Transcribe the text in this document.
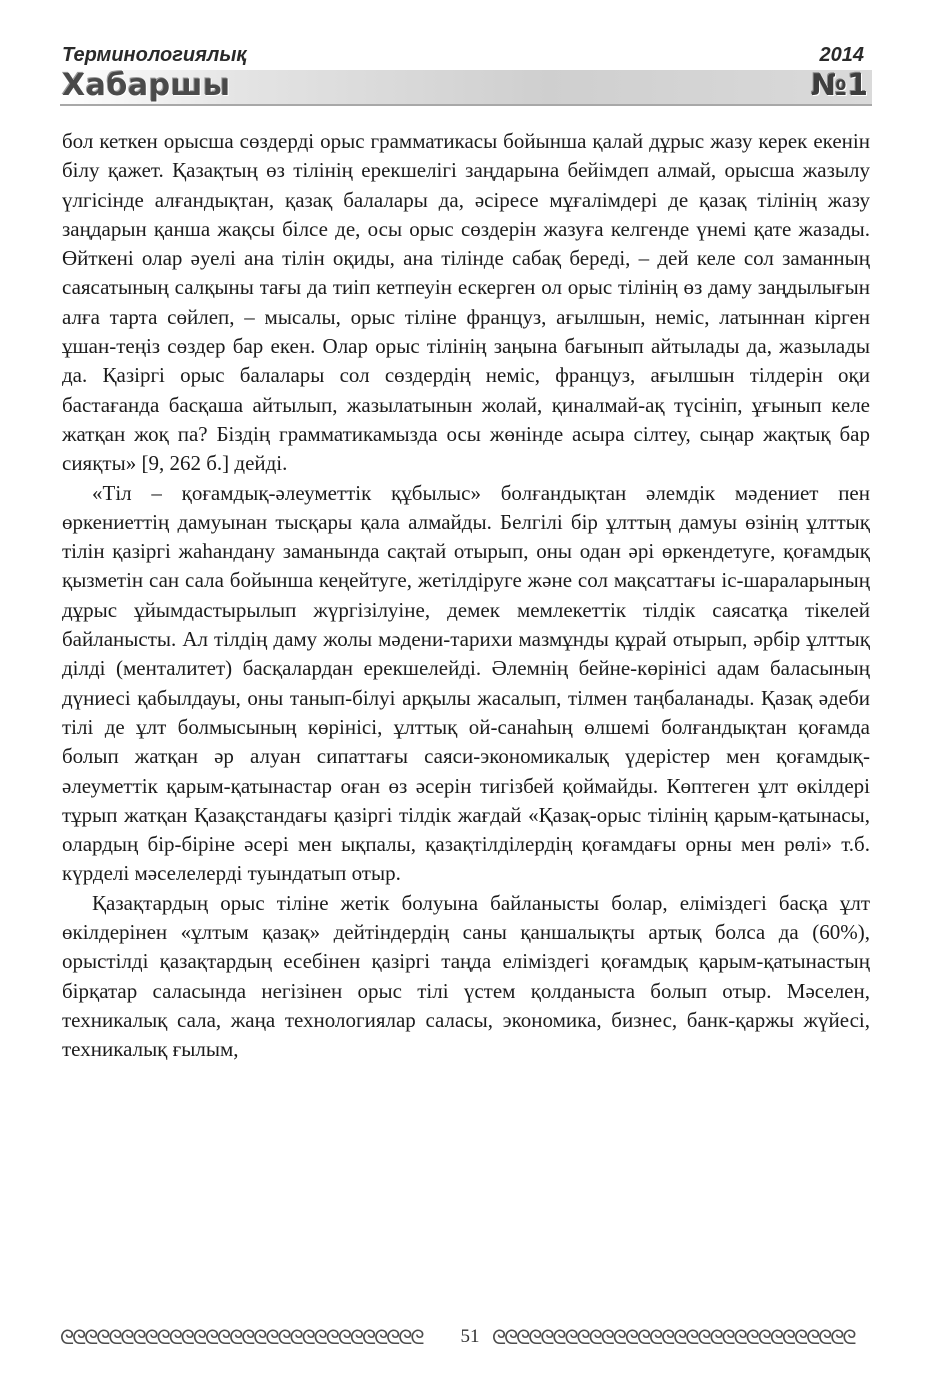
Терминологиялық	2014
Хабаршы	№1

бол кеткен орысша сөздерді орыс грамматикасы бойынша қалай дұрыс жазу керек екенін білу қажет. Қазақтың өз тілінің ерекшелігі заңдарына бейімдеп алмай, орысша жазылу үлгісінде алғандықтан, қазақ балалары да, әсіресе мұғалімдері де қазақ тілінің жазу заңдарын қанша жақсы білсе де, осы орыс сөздерін жазуға келгенде үнемі қате жазады. Өйткені олар әуелі ана тілін оқиды, ана тілінде сабақ береді, – дей келе сол заманның саясатының салқыны тағы да тиіп кетпеуін ескерген ол орыс тілінің өз даму заңдылығын алға тарта сөйлеп, – мысалы, орыс тіліне француз, ағылшын, неміс, латыннан кірген ұшан-теңіз сөздер бар екен. Олар орыс тілінің заңына бағынып айтылады да, жазылады да. Қазіргі орыс балалары сол сөздердің неміс, француз, ағылшын тілдерін оқи бастағанда басқаша айтылып, жазылатынын жолай, қиналмай-ақ түсініп, ұғынып келе жатқан жоқ па? Біздің грамматикамызда осы жөнінде асыра сілтеу, сыңар жақтық бар сияқты» [9, 262 б.] дейді.

«Тіл – қоғамдық-әлеуметтік құбылыс» болғандықтан әлемдік мәдениет пен өркениеттің дамуынан тысқары қала алмайды. Белгілі бір ұлттың дамуы өзінің ұлттық тілін қазіргі жаһандану заманында сақтай отырып, оны одан әрі өркендетуге, қоғамдық қызметін сан сала бойынша кеңейтуге, жетілдіруге және сол мақсаттағы іс-шараларының дұрыс ұйымдастырылып жүргізілуіне, демек мемлекеттік тілдік саясатқа тікелей байланысты. Ал тілдің даму жолы мәдени-тарихи мазмұнды құрай отырып, әрбір ұлттық ділді (менталитет) басқалардан ерекшелейді. Әлемнің бейне-көрінісі адам баласының дүниесі қабылдауы, оны танып-білуі арқылы жасалып, тілмен таңбаланады. Қазақ әдеби тілі де ұлт болмысының көрінісі, ұлттық ой-санаһың өлшемі болғандықтан қоғамда болып жатқан әр алуан сипаттағы саяси-экономикалық үдерістер мен қоғамдық-әлеуметтік қарым-қатынастар оған өз әсерін тигізбей қоймайды. Көптеген ұлт өкілдері тұрып жатқан Қазақстандағы қазіргі тілдік жағдай «Қазақ-орыс тілінің қарым-қатынасы, олардың бір-біріне әсері мен ықпалы, қазақтілділердің қоғамдағы орны мен рөлі» т.б. күрделі мәселелерді туындатып отыр.

Қазақтардың орыс тіліне жетік болуына байланысты болар, еліміздегі басқа ұлт өкілдерінен «ұлтым қазақ» дейтіндердің саны қаншалықты артық болса да (60%), орыстілді қазақтардың есебінен қазіргі таңда еліміздегі қоғамдық қарым-қатынастың бірқатар саласында негізінен орыс тілі үстем қолданыста болып отыр. Мәселен, техникалық сала, жаңа технологиялар саласы, экономика, бизнес, банк-қаржы жүйесі, техникалық ғылым,

ᘓᘓᘓᘓᘓᘓᘓᘓᘓᘓᘓᘓᘓᘓᘓᘓᘓᘓᘓᘓᘓᘓᘓᘓᘓᘓᘓᘓᘓᘓ	51 ᘓᘓᘓᘓᘓᘓᘓᘓᘓᘓᘓᘓᘓᘓᘓᘓᘓᘓᘓᘓᘓᘓᘓᘓᘓᘓᘓᘓᘓᘓ
